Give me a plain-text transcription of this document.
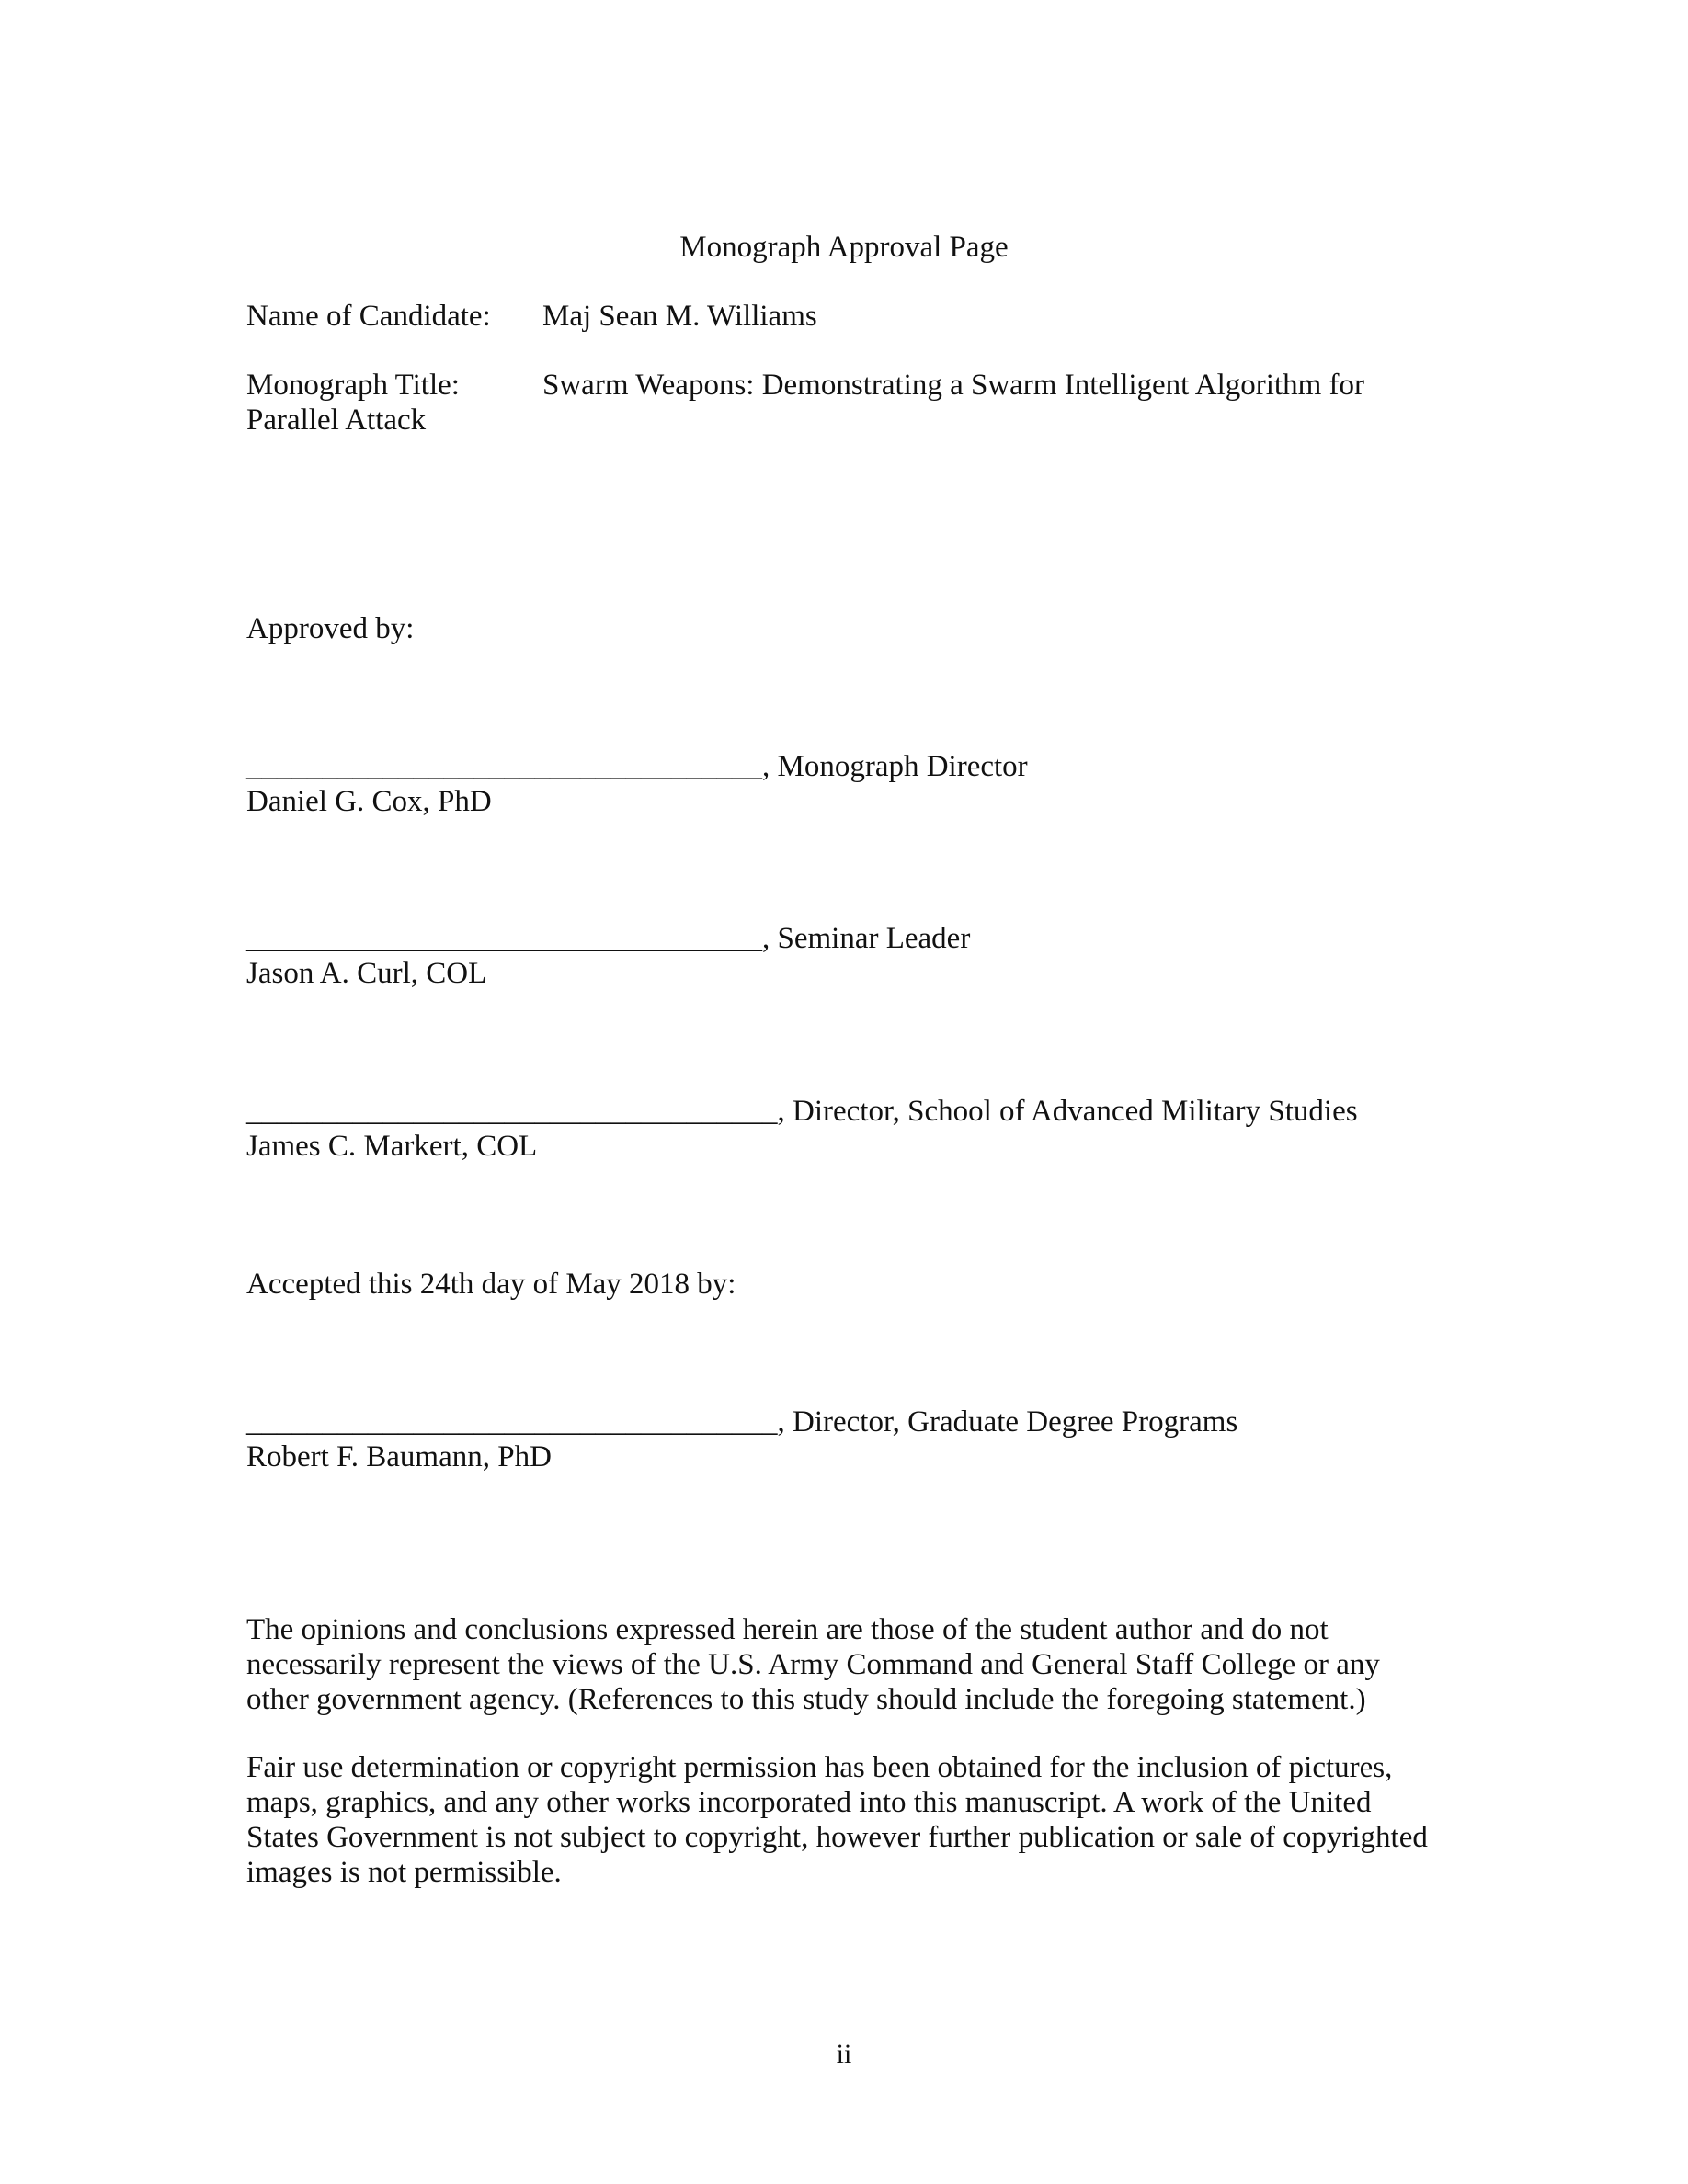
Monograph Approval Page
Name of Candidate: Maj Sean M. Williams
Monograph Title:	Swarm Weapons: Demonstrating a Swarm Intelligent Algorithm for
Parallel Attack
Approved by:
__________________________________, Monograph Director
Daniel G. Cox, PhD
__________________________________, Seminar Leader
Jason A. Curl, COL
___________________________________, Director, School of Advanced Military Studies
James C. Markert, COL
Accepted this 24th day of May 2018 by:
___________________________________, Director, Graduate Degree Programs
Robert F. Baumann, PhD
The opinions and conclusions expressed herein are those of the student author and do not
necessarily represent the views of the U.S. Army Command and General Staff College or any
other government agency. (References to this study should include the foregoing statement.)
Fair use determination or copyright permission has been obtained for the inclusion of pictures,
maps, graphics, and any other works incorporated into this manuscript. A work of the United
States Government is not subject to copyright, however further publication or sale of copyrighted
images is not permissible.
ii
